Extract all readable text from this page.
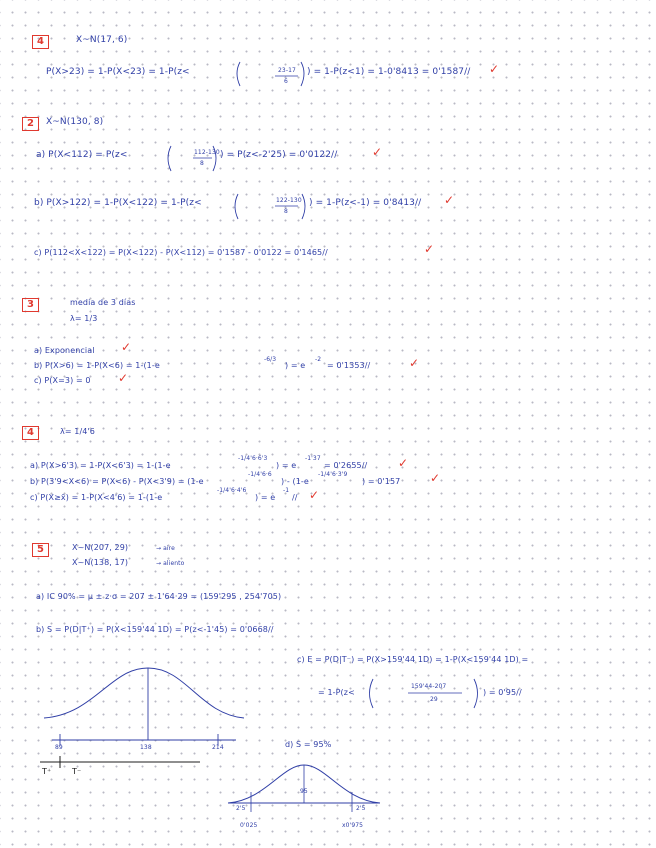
4	X~N(17, 6)
P(X>23) = 1-P(X<23) = 1-P(z<	23-17
6
) = 1-P(z<1) = 1-0'8413 = 0'1587// ✓
2	X~N(130, 8)
a) P(X<112) = P(z<	112-130
8
) = P(z<-2'25) = 0'0122//	✓
b) P(X>122) = 1-P(X<122) = 1-P(z<	122-130
8
) = 1-P(z<-1) = 0'8413// ✓
c) P(112<X<122) = P(X<122) - P(X<112) = 0'1587 - 0'0122 = 0'1465//	✓
3	media de 3 días
λ= 1/3
a) Exponencial ✓
b) P(X>6) = 1-P(X<6) = 1-(1-e
-6/3
) = e
-2
= 0'1353//	✓
c) P(X=3) = 0 ✓
4	λ= 1/4'6
a) P(X>6'3) = 1-P(X<6'3) = 1-(1-e
-1/4'6·6'3
) = e
-1'37
= 0'2655//	✓
b) P(3'9<X<6) = P(X<6) - P(X<3'9) = (1-e
-1/4'6·6
) - (1-e
-1/4'6·3'9
) = 0'157 ✓
c) P(X≥x̄) = 1-P(X<4'6) = 1-(1-e
-1/4'6·4'6
) = e
-1
// ✓
5	X~N(207, 29)	→ aire
X~N(138, 17)	→ aliento
a) IC 90% = μ ± z·σ = 207 ± 1'64·29 = (159'295 , 254'705)
b) S = P(D|T⁺) = P(X<159'44 1D) = P(z<-1'45) = 0'0668//
c) E = P(D|T⁻) = P(X>159'44 1D) = 1-P(X<159'44 1D) =
= 1-P(z<
159'44-207
29
) = 0'95//
d) S = 95%
89	138	214
T⁺	T⁻
95
2'5	2'5
0'025	x0'975
